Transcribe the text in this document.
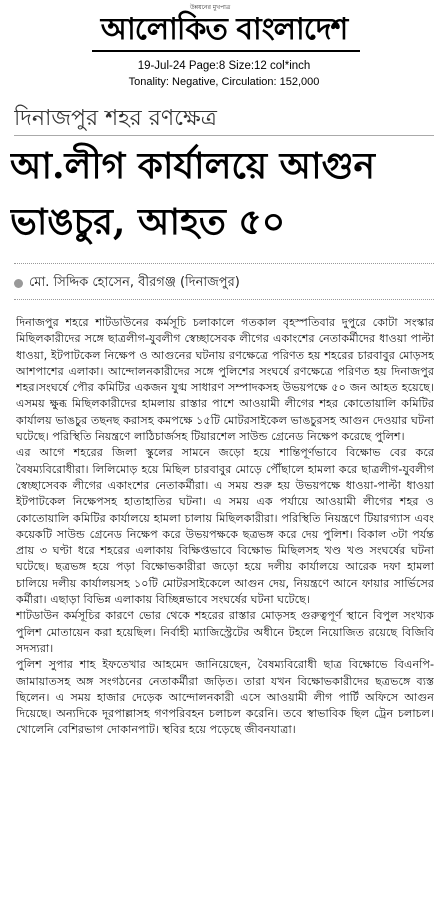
উন্নয়নের মুখপাত্র
আলোকিত বাংলাদেশ
19-Jul-24 Page:8 Size:12 col*inch
Tonality: Negative, Circulation: 152,000
দিনাজপুর শহর রণক্ষেত্র
আ.লীগ কার্যালয়ে আগুন
ভাঙচুর, আহত ৫০
মো. সিদ্দিক হোসেন, বীরগঞ্জ (দিনাজপুর)

দিনাজপুর শহরে শাটডাউনের কর্মসূচি চলাকালে গতকাল বৃহস্পতিবার দুপুরে কোটা সংস্কার মিছিলকারীদের সঙ্গে ছাত্রলীগ-যুবলীগ স্বেচ্ছাসেবক লীগের একাংশের নেতাকর্মীদের ধাওয়া পাল্টা ধাওয়া, ইটপাটকেল নিক্ষেপ ও আগুনের ঘটনায় রণক্ষেত্রে পরিণত হয় শহরের চারবাবুর মোড়সহ আশপাশের এলাকা। আন্দোলনকারীদের সঙ্গে পুলিশের সংঘর্ষে রণক্ষেত্রে পরিণত হয় দিনাজপুর শহর।সংঘর্ষে পৌর কমিটির একজন যুগ্ম সাধারণ সম্পাদকসহ উভয়পক্ষে ৫০ জন আহত হয়েছে। এসময় ক্ষুব্ধ মিছিলকারীদের হামলায় রাস্তার পাশে আওয়ামী লীগের শহর কোতোয়ালি কমিটির কার্যালয় ভাঙচুর তছনছ করাসহ কমপক্ষে ১৫টি মোটরসাইকেল ভাঙচুরসহ আগুন দেওয়ার ঘটনা ঘটেছে। পরিস্থিতি নিয়ন্ত্রণে লাঠিচার্জসহ টিয়ারশেল সাউন্ড গ্রেনেড নিক্ষেপ করেছে পুলিশ।

এর আগে শহরের জিলা স্কুলের সামনে জড়ো হয়ে শান্তিপূর্ণভাবে বিক্ষোভ বের করে বৈষম্যবিরোধীরা। লিলিমোড় হয়ে মিছিল চারবাবুর মোড়ে পৌঁছালে হামলা করে ছাত্রলীগ-যুবলীগ স্বেচ্ছাসেবক লীগের একাংশের নেতাকর্মীরা। এ সময় শুরু হয় উভয়পক্ষে ধাওয়া-পাল্টা ধাওয়া ইটপাটকেল নিক্ষেপসহ হাতাহাতির ঘটনা। এ সময় এক পর্যায়ে আওয়ামী লীগের শহর ও কোতোয়ালি কমিটির কার্যালয়ে হামলা চালায় মিছিলকারীরা। পরিস্থিতি নিয়ন্ত্রণে টিয়ারগ্যাস এবং কয়েকটি সাউন্ড গ্রেনেড নিক্ষেপ করে উভয়পক্ষকে ছত্রভঙ্গ করে দেয় পুলিশ। বিকাল ৩টা পর্যন্ত প্রায় ৩ ঘণ্টা ধরে শহরের এলাকায় বিক্ষিপ্তভাবে বিক্ষোভ মিছিলসহ খণ্ড খণ্ড সংঘর্ষের ঘটনা ঘটেছে। ছত্রভঙ্গ হয়ে পড়া বিক্ষোভকারীরা জড়ো হয়ে দলীয় কার্যালয়ে আরেক দফা হামলা চালিয়ে দলীয় কার্যালয়সহ ১০টি মোটরসাইকেলে আগুন দেয়, নিয়ন্ত্রণে আনে ফায়ার সার্ভিসের কর্মীরা। এছাড়া বিভিন্ন এলাকায় বিচ্ছিন্নভাবে সংঘর্ষের ঘটনা ঘটেছে।

শাটডাউন কর্মসূচির কারণে ভোর থেকে শহরের রাস্তার মোড়সহ গুরুত্বপূর্ণ স্থানে বিপুল সংখ্যক পুলিশ মোতায়েন করা হয়েছিল। নির্বাহী ম্যাজিস্ট্রেটের অধীনে টহলে নিয়োজিত রয়েছে বিজিবি সদস্যরা।

পুলিশ সুপার শাহ ইফতেখার আহমেদ জানিয়েছেন, বৈষম্যবিরোধী ছাত্র বিক্ষোভে বিএনপি-জামায়াতসহ অঙ্গ সংগঠনের নেতাকর্মীরা জড়িত। তারা যখন বিক্ষোভকারীদের ছত্রভঙ্গে ব্যস্ত ছিলেন। এ সময় হাজার দেড়েক আন্দোলনকারী এসে আওয়ামী লীগ পার্টি অফিসে আগুন দিয়েছে। অন্যদিকে দূরপাল্লাসহ গণপরিবহন চলাচল করেনি। তবে স্বাভাবিক ছিল ট্রেন চলাচল। খোলেনি বেশিরভাগ দোকানপাট। স্থবির হয়ে পড়েছে জীবনযাত্রা।
